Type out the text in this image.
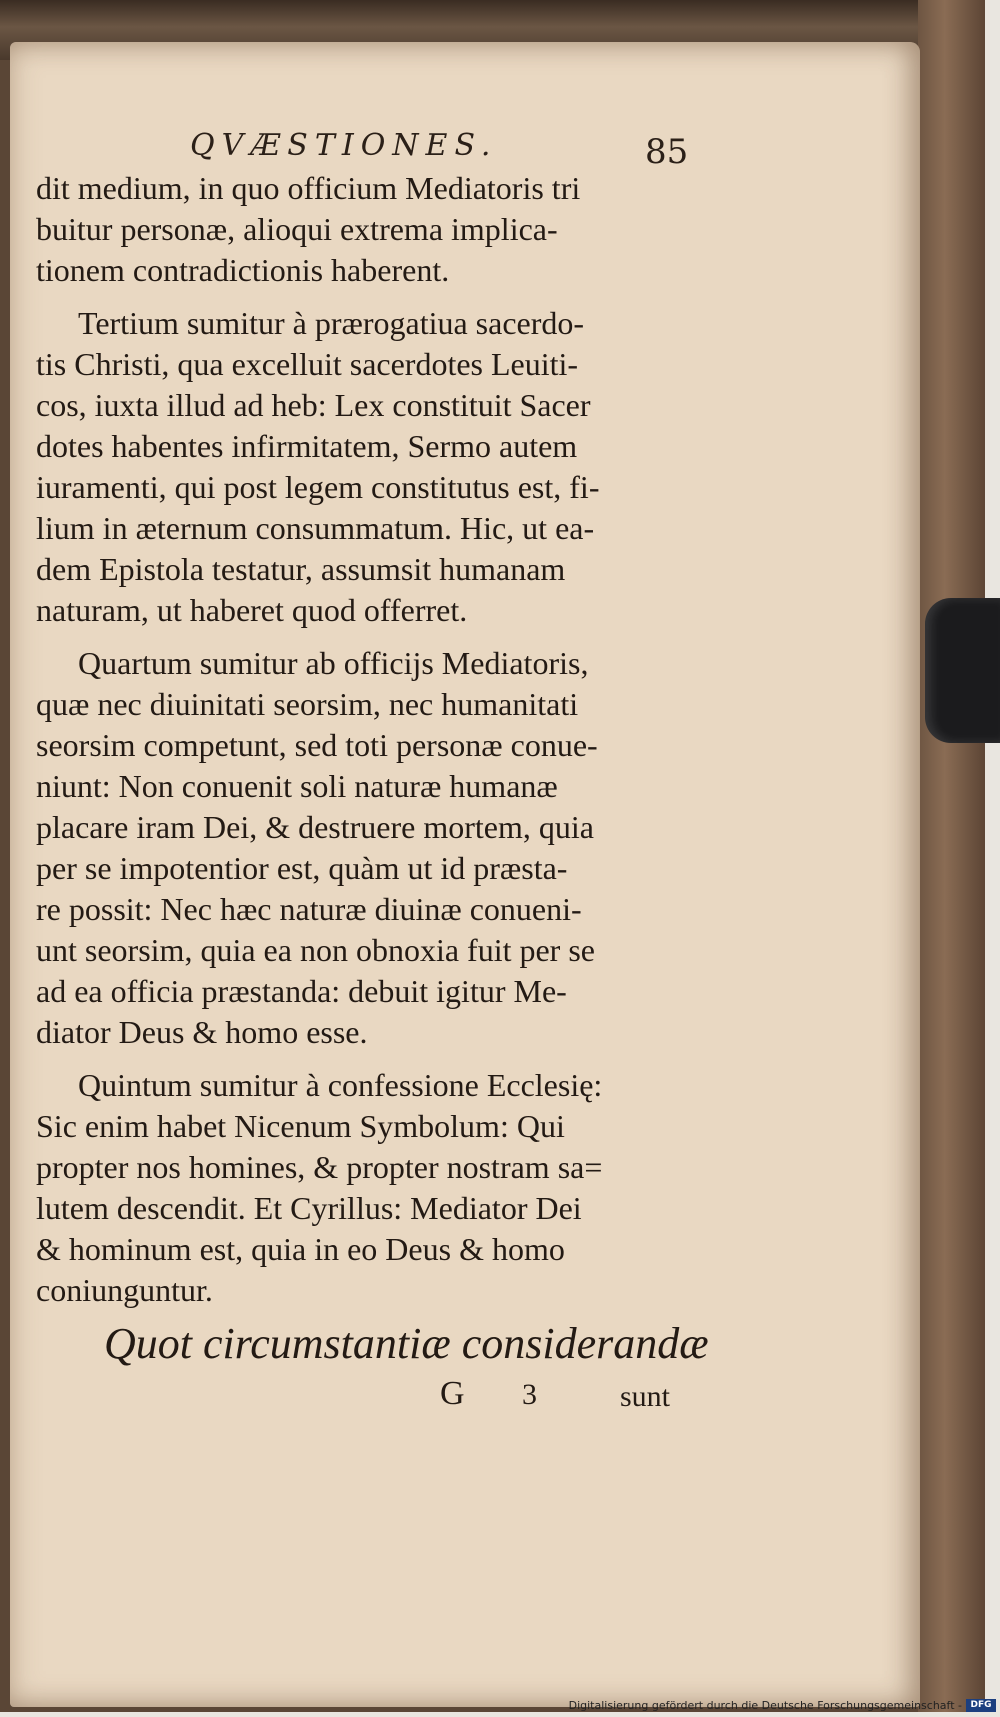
QVÆSTIONES.	85
dit medium, in quo officium Mediatoris tri
buitur personæ, alioqui extrema implica-
tionem contradictionis haberent.
Tertium sumitur à prærogatiua sacerdo-
tis Christi, qua excelluit sacerdotes Leuiti-
cos, iuxta illud ad heb: Lex constituit Sacer
dotes habentes infirmitatem, Sermo autem
iuramenti, qui post legem constitutus est, fi-
lium in æternum consummatum. Hic, ut ea-
dem Epistola testatur, assumsit humanam
naturam, ut haberet quod offerret.
Quartum sumitur ab officijs Mediatoris,
quæ nec diuinitati seorsim, nec humanitati
seorsim competunt, sed toti personæ conue-
niunt: Non conuenit soli naturæ humanæ
placare iram Dei, & destruere mortem, quia
per se impotentior est, quàm ut id præsta-
re possit: Nec hæc naturæ diuinæ conueni-
unt seorsim, quia ea non obnoxia fuit per se
ad ea officia præstanda: debuit igitur Me-
diator Deus & homo esse.
Quintum sumitur à confessione Ecclesię:
Sic enim habet Nicenum Symbolum: Qui
propter nos homines, & propter nostram sa=
lutem descendit. Et Cyrillus: Mediator Dei
& hominum est, quia in eo Deus & homo
coniunguntur.
Quot circumstantiæ considerandæ
G 3	sunt
Digitalisierung gefördert durch die Deutsche Forschungsgemeinschaft - DFG
